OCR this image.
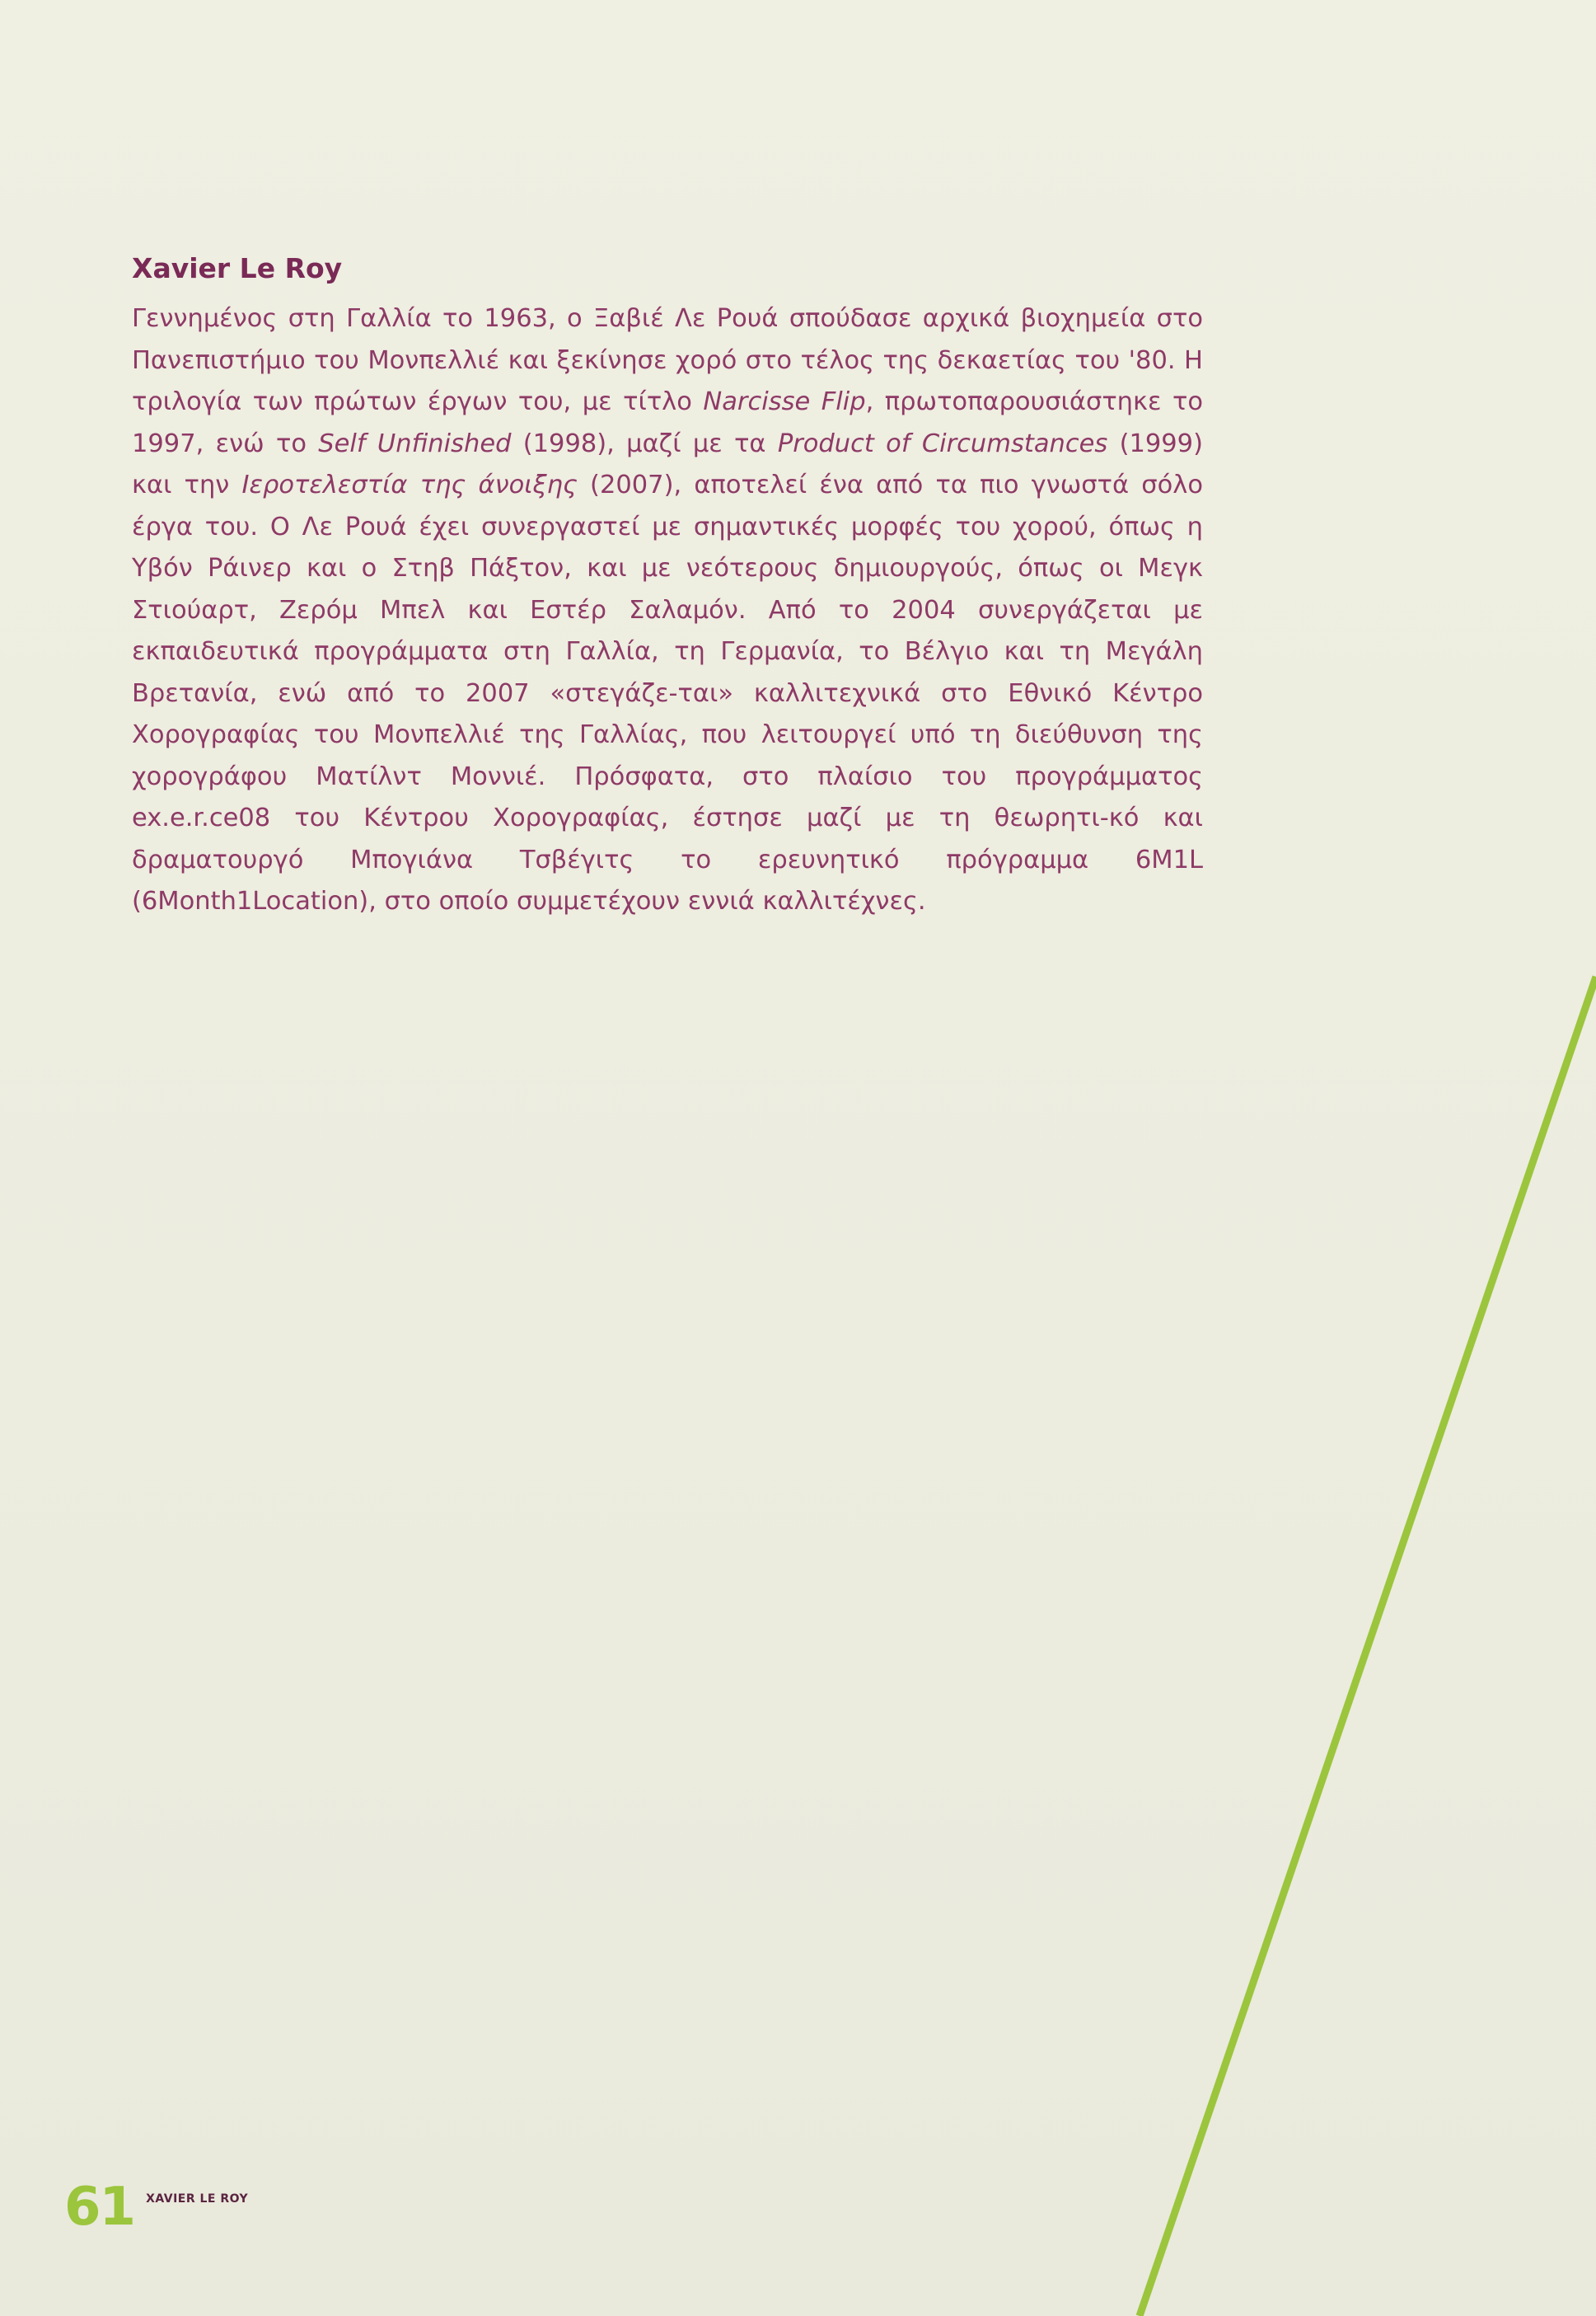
Xavier Le Roy

Γεννημένος στη Γαλλία το 1963, ο Ξαβιέ Λε Ρουά σπούδασε αρχικά βιοχημεία στο Πανεπιστήμιο του Μονπελλιέ και ξεκίνησε χορό στο τέλος της δεκαετίας του '80. Η τριλογία των πρώτων έργων του, με τίτλο Narcisse Flip, πρωτοπαρουσιάστηκε το 1997, ενώ το Self Unfinished (1998), μαζί με τα Product of Circumstances (1999) και την Ιεροτελεστία της άνοιξης (2007), αποτελεί ένα από τα πιο γνωστά σόλο έργα του. Ο Λε Ρουά έχει συνεργαστεί με σημαντικές μορφές του χορού, όπως η Υβόν Ράινερ και ο Στηβ Πάξτον, και με νεότερους δημιουργούς, όπως οι Μεγκ Στιούαρτ, Ζερόμ Μπελ και Εστέρ Σαλαμόν. Από το 2004 συνεργάζεται με εκπαιδευτικά προγράμματα στη Γαλλία, τη Γερμανία, το Βέλγιο και τη Μεγάλη Βρετανία, ενώ από το 2007 «στεγάζε-ται» καλλιτεχνικά στο Εθνικό Κέντρο Χορογραφίας του Μονπελλιέ της Γαλλίας, που λειτουργεί υπό τη διεύθυνση της χορογράφου Ματίλντ Μοννιέ. Πρόσφατα, στο πλαίσιο του προγράμματος ex.e.r.ce08 του Κέντρου Χορογραφίας, έστησε μαζί με τη θεωρητι-κό και δραματουργό Μπογιάνα Τσβέγιτς το ερευνητικό πρόγραμμα 6M1L (6Month1Location), στο οποίο συμμετέχουν εννιά καλλιτέχνες.

61 XAVIER LE ROY
